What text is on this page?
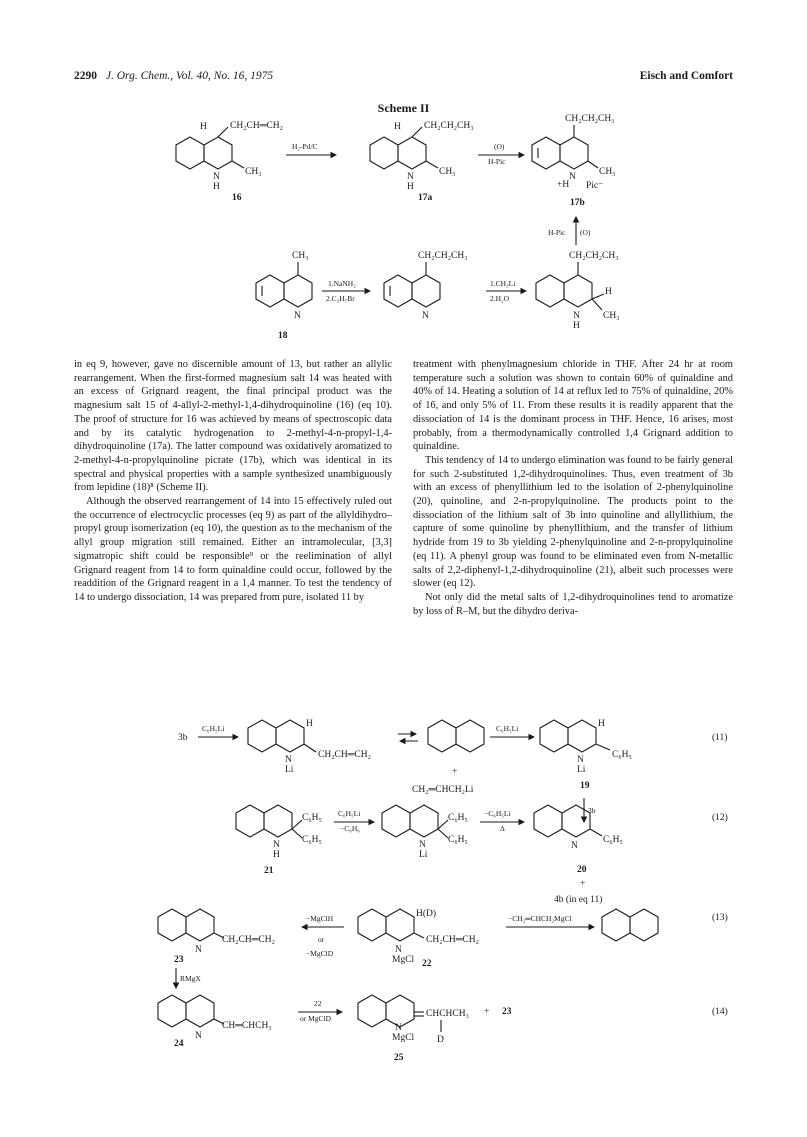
2290 J. Org. Chem., Vol. 40, No. 16, 1975	Eisch and Comfort
Scheme II
H CH₂CH═CH₂
N
H
CH₃
16
H₂-Pd/C
H CH₂CH₂CH₃
N
H
CH₃
17a
(O)
H-Pic
CH₂CH₂CH₃
N
+H
CH₃
Pic⁻
17b
H-Pic (O)
CH₃
N
18
1.NaNH₂
2.C₃H₇Br
CH₂CH₂CH₃
N
1.CH₃Li
2.H₂O
CH₂CH₂CH₃
H
N
H
CH₃
3b
C₆H₅Li	H
CH₂CH═CH₂
N
Li	+
CH₂═CHCH₂Li
C₆H₅Li	H
C₆H₅
N
Li
19
3b
(11)
C₆H₅
C₆H₅
N
H
21
C₆H₅Li
−C₆H₆
C₆H₅
C₆H₅
N
Li
−C₆H₅Li
Δ
C₆H₅
N
20
+
4b (in eq 11)
(12)
CH₂CH═CH₂
N
23
−MgClH
or
−MgClD
H(D)
CH₂CH═CH₂
N
MgCl 22
−CH₂═CHCH₂MgCl	(13)
RMgX
CH═CHCH₃
N
24
22
or MgClD	CHCHCH₃
D
N
MgCl
25
+ 23	(14)

in eq 9, however, gave no discernible amount of 13, but rather an allylic rearrangement. When the first-formed magnesium salt 14 was heated with an excess of Grignard reagent, the final principal product was the magnesium salt 15 of 4-allyl-2-methyl-1,4-dihydroquinoline (16) (eq 10). The proof of structure for 16 was achieved by means of spectroscopic data and by its catalytic hydrogenation to 2-methyl-4-n-propyl-1,4-dihydroquinoline (17a). The latter compound was oxidatively aromatized to 2-methyl-4-n-propylquinoline picrate (17b), which was identical in its spectral and physical properties with a sample synthesized unambiguously from lepidine (18)⁸ (Scheme II).

Although the observed rearrangement of 14 into 15 effectively ruled out the occurrence of electrocyclic processes (eq 9) as part of the allyldihydro–propyl group isomerization (eq 10), the question as to the mechanism of the allyl group migration still remained. Either an intramolecular, [3,3] sigmatropic shift could be responsible⁹ or the reelimination of allyl Grignard reagent from 14 to form quinaldine could occur, followed by the readdition of the Grignard reagent in a 1,4 manner. To test the tendency of 14 to undergo dissociation, 14 was prepared from pure, isolated 11 by

treatment with phenylmagnesium chloride in THF. After 24 hr at room temperature such a solution was shown to contain 60% of quinaldine and 40% of 14. Heating a solution of 14 at reflux led to 75% of quinaldine, 20% of 16, and only 5% of 11. From these results it is readily apparent that the dissociation of 14 is the dominant process in THF. Hence, 16 arises, most probably, from a thermodynamically controlled 1,4 Grignard addition to quinaldine.

This tendency of 14 to undergo elimination was found to be fairly general for such 2-substituted 1,2-dihydroquinolines. Thus, even treatment of 3b with an excess of phenyllithium led to the isolation of 2-phenylquinoline (20), quinoline, and 2-n-propylquinoline. The products point to the dissociation of the lithium salt of 3b into quinoline and allyllithium, the capture of some quinoline by phenyllithium, and the transfer of lithium hydride from 19 to 3b yielding 2-phenylquinoline and 2-n-propylquinoline (eq 11). A phenyl group was found to be eliminated even from N-metallic salts of 2,2-diphenyl-1,2-dihydroquinoline (21), albeit such processes were slower (eq 12).

Not only did the metal salts of 1,2-dihydroquinolines tend to aromatize by loss of R–M, but the dihydro deriva-
